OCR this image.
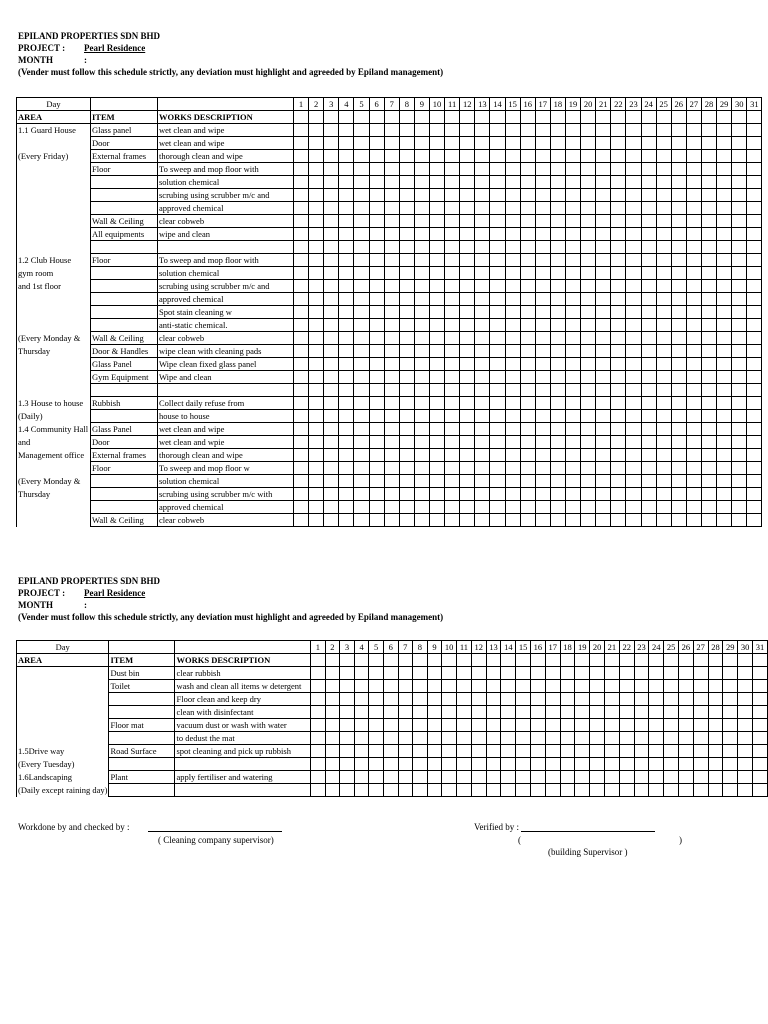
EPILAND PROPERTIES SDN BHD
PROJECT : Pearl Residence
MONTH	:
(Vender must follow this schedule strictly, any deviation must highlight and agreeded by Epiland management)
Day			1	2	3	4	5	6	7	8	9	10	11	12	13	14	15	16	17	18	19	20	21	22	23	24	25	26	27	28	29	30	31
AREA	ITEM	WORKS DESCRIPTION																															
1.1 Guard House	Glass panel	wet clean and wipe																															
	Door	wet clean and wipe																															
(Every Friday)	External frames	thorough clean and wipe																															
	Floor	To sweep and mop floor with																															
		solution chemical																															
		scrubing using scrubber m/c and																															
		approved chemical																															
	Wall & Ceiling	clear cobweb																															
	All equipments	wipe and clean																															

1.2 Club House	Floor	To sweep and mop floor with																															
gym room		solution chemical																															
and 1st floor		scrubing using scrubber m/c and																															
		approved chemical																															
		Spot stain cleaning w																															
		anti-static chemical.																															
(Every Monday &	Wall & Ceiling	clear cobweb																															
Thursday	Door & Handles	wipe clean with cleaning pads																															
	Glass Panel	Wipe clean fixed glass panel																															
	Gym Equipment	Wipe and clean																															

1.3 House to house	Rubbish	Collect daily refuse from																															
(Daily)		house to house																															
1.4 Community Hall	Glass Panel	wet clean and wipe																															
and	Door	wet clean and wpie																															
Management office	External frames	thorough clean and wipe																															
	Floor	To sweep and mop floor w																															
(Every Monday &		solution chemical																															
Thursday		scrubing using scrubber m/c with																															
		approved chemical																															
	Wall & Ceiling	clear cobweb																															
EPILAND PROPERTIES SDN BHD
PROJECT : Pearl Residence
MONTH	:
(Vender must follow this schedule strictly, any deviation must highlight and agreeded by Epiland management)
Day			1	2	3	4	5	6	7	8	9	10	11	12	13	14	15	16	17	18	19	20	21	22	23	24	25	26	27	28	29	30	31
AREA	ITEM	WORKS DESCRIPTION																															
	Dust bin	clear rubbish																															
	Toilet	wash and clean all items w detergent																															
		Floor clean and keep dry																															
		clean with disinfectant																															
	Floor mat	vacuum dust or wash with water																															
		to dedust the mat																															
1.5Drive way	Road Surface	spot cleaning and pick up rubbish																															
(Every Tuesday)																																	
1.6Landscaping	Plant	apply fertiliser and watering																															
(Daily except raining day)																																	
Workdone by and checked by :
( Cleaning company supervisor)
Verified by :
(	)
(building Supervisor )
